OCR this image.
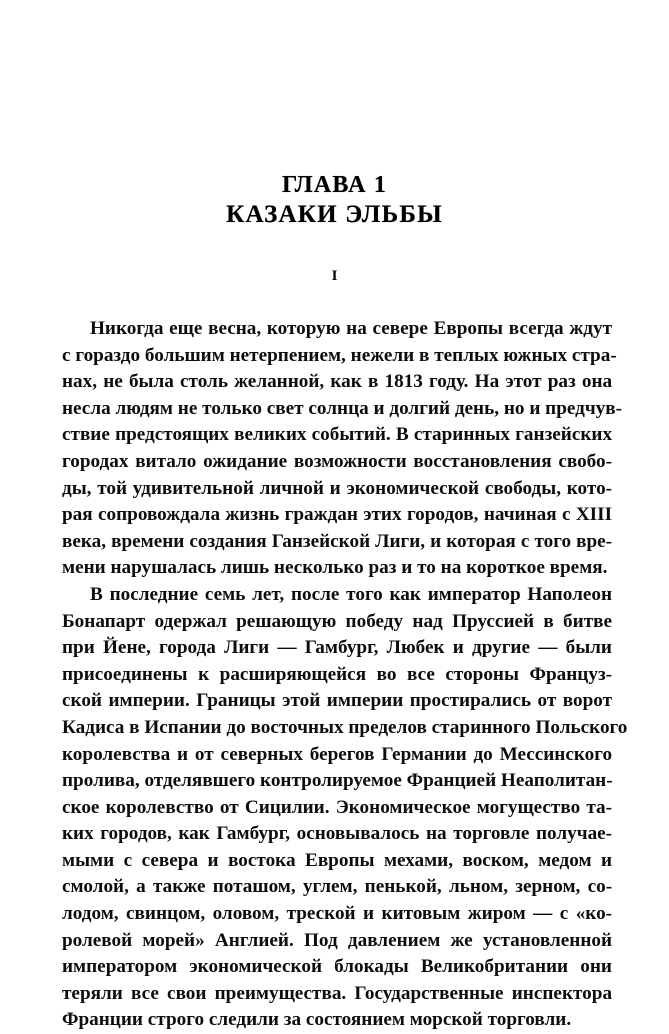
ГЛАВА 1
КАЗАКИ ЭЛЬБЫ
I

Никогда еще весна, которую на севере Европы всегда ждут
с гораздо большим нетерпением, нежели в теплых южных стра-
нах, не была столь желанной, как в 1813 году. На этот раз она
несла людям не только свет солнца и долгий день, но и предчув-
ствие предстоящих великих событий. В старинных ганзейских
городах витало ожидание возможности восстановления свобо-
ды, той удивительной личной и экономической свободы, кото-
рая сопровождала жизнь граждан этих городов, начиная с XIII
века, времени создания Ганзейской Лиги, и которая с того вре-
мени нарушалась лишь несколько раз и то на короткое время.

В последние семь лет, после того как император Наполеон
Бонапарт одержал решающую победу над Пруссией в битве
при Йене, города Лиги — Гамбург, Любек и другие — были
присоединены к расширяющейся во все стороны Француз-
ской империи. Границы этой империи простирались от ворот
Кадиса в Испании до восточных пределов старинного Польского
королевства и от северных берегов Германии до Мессинского
пролива, отделявшего контролируемое Францией Неаполитан-
ское королевство от Сицилии. Экономическое могущество та-
ких городов, как Гамбург, основывалось на торговле получае-
мыми с севера и востока Европы мехами, воском, медом и
смолой, а также поташом, углем, пенькой, льном, зерном, со-
лодом, свинцом, оловом, треской и китовым жиром — с «ко-
ролевой морей» Англией. Под давлением же установленной
императором экономической блокады Великобритании они
теряли все свои преимущества. Государственные инспектора
Франции строго следили за состоянием морской торговли.
